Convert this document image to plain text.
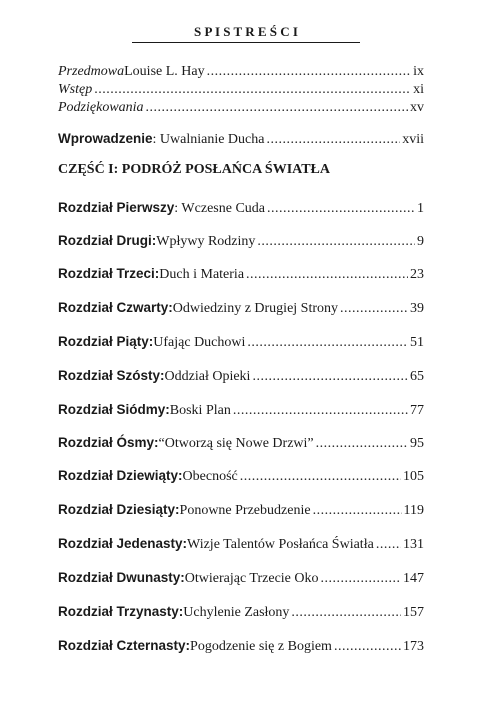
S P I S T R E Ś C I
Przedmowa Louise L. Hay .....	ix
Wstęp .....	xi
Podziękowania .....	xv
Wprowadzenie : Uwalnianie Ducha .....	xvii
CZĘŚĆ I: PODRÓŻ POSŁAŃCA ŚWIATŁA
Rozdział Pierwszy : Wczesne Cuda .....	1
Rozdział Drugi: Wpływy Rodziny .....	9
Rozdział Trzeci: Duch i Materia .....	23
Rozdział Czwarty: Odwiedziny z Drugiej Strony .....	39
Rozdział Piąty: Ufając Duchowi .....	51
Rozdział Szósty: Oddział Opieki .....	65
Rozdział Siódmy: Boski Plan .....	77
Rozdział Ósmy: “Otworzą się Nowe Drzwi” .....	95
Rozdział Dziewiąty: Obecność .....	105
Rozdział Dziesiąty: Ponowne Przebudzenie .....	119
Rozdział Jedenasty: Wizje Talentów Posłańca Światła ..... 131
Rozdział Dwunasty: Otwierając Trzecie Oko .....	147
Rozdział Trzynasty: Uchylenie Zasłony .....	157
Rozdział Czternasty: Pogodzenie się z Bogiem .....	173
